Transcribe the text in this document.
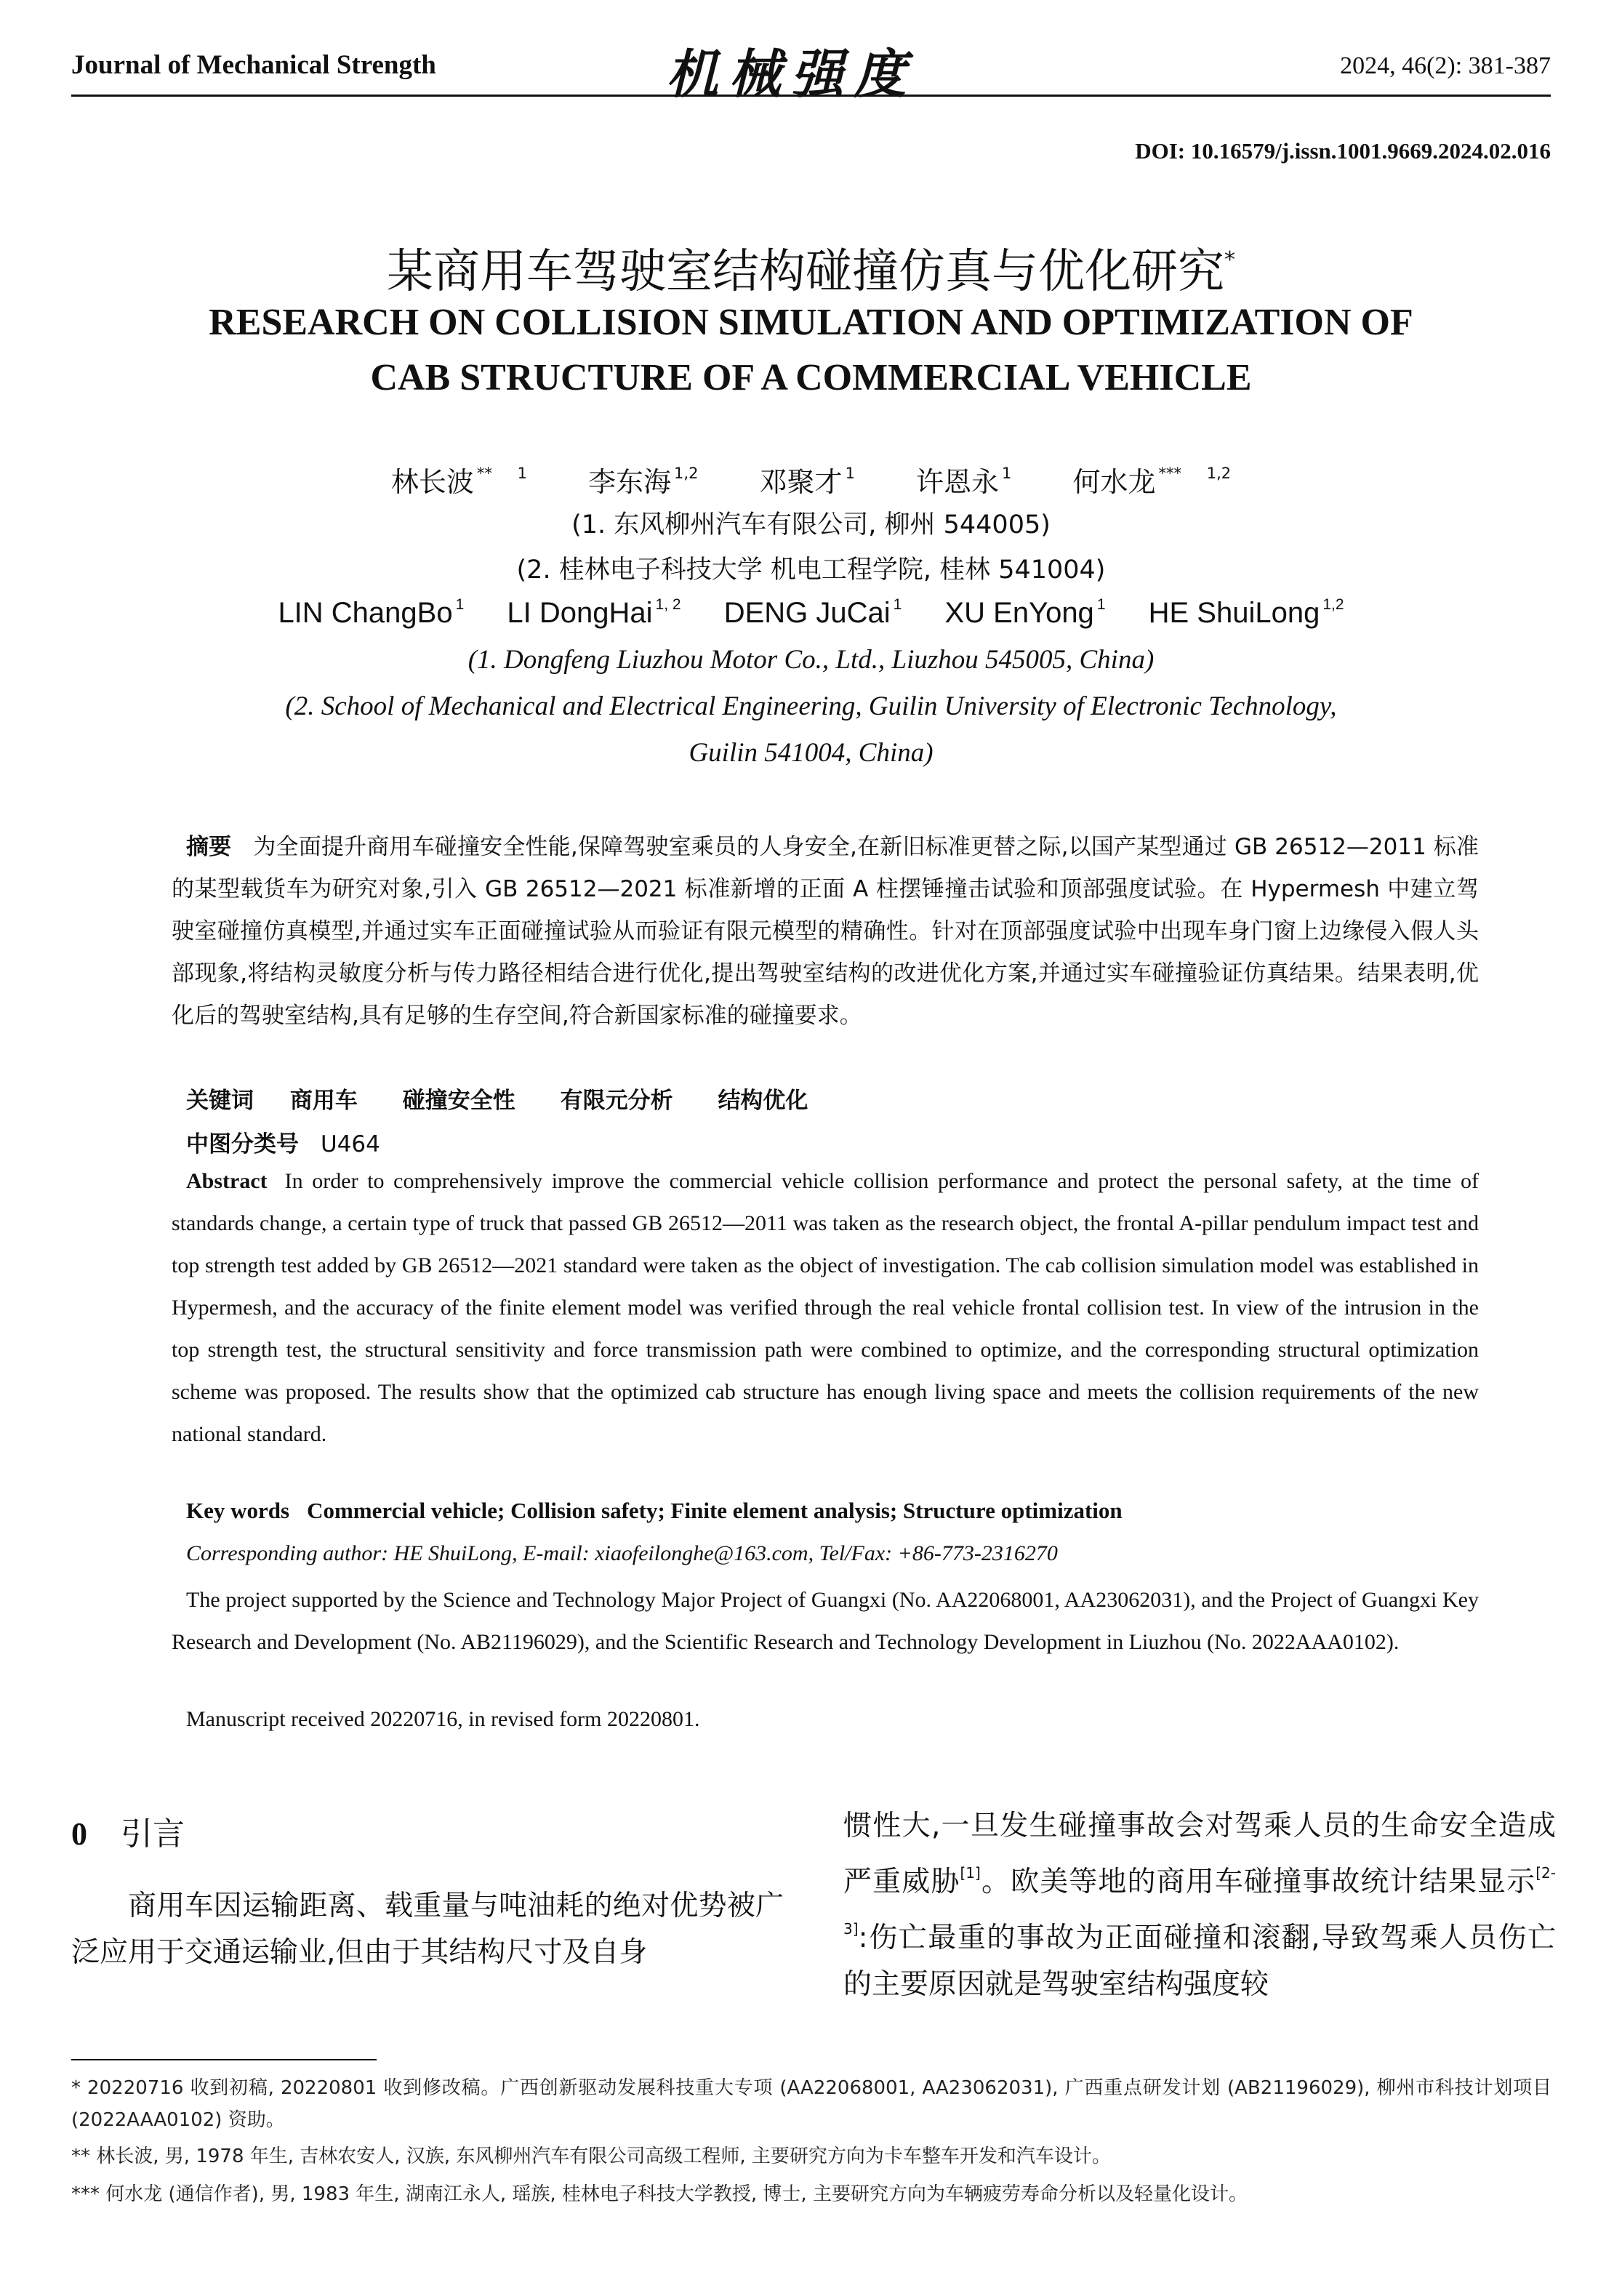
Journal of Mechanical Strength	机械强度	2024, 46(2): 381-387
DOI: 10.16579/j.issn.1001.9669.2024.02.016
某商用车驾驶室结构碰撞仿真与优化研究*
RESEARCH ON COLLISION SIMULATION AND OPTIMIZATION OF
CAB STRUCTURE OF A COMMERCIAL VEHICLE
林长波 $^{** 1}$ 李东海 $^{1,2}$ 邓聚才 $^1$ 许恩永 $^1$ 何水龙 $^{*** 1,2}$
(1. 东风柳州汽车有限公司, 柳州 544005)
(2. 桂林电子科技大学 机电工程学院, 桂林 541004)
LIN ChangBo $^1$ LI DongHai $^{1, 2}$ DENG JuCai $^1$ XU EnYong $^1$ HE ShuiLong $^{1,2}$
(1. Dongfeng Liuzhou Motor Co., Ltd., Liuzhou 545005, China)
(2. School of Mechanical and Electrical Engineering, Guilin University of Electronic Technology,
Guilin 541004, China)
摘要 为全面提升商用车碰撞安全性能,保障驾驶室乘员的人身安全,在新旧标准更替之际,以国产某型通过 GB 26512—2011 标准的某型载货车为研究对象,引入 GB 26512—2021 标准新增的正面 A 柱摆锤撞击试验和顶部强度试验。在 Hypermesh 中建立驾驶室碰撞仿真模型,并通过实车正面碰撞试验从而验证有限元模型的精确性。针对在顶部强度试验中出现车身门窗上边缘侵入假人头部现象,将结构灵敏度分析与传力路径相结合进行优化,提出驾驶室结构的改进优化方案,并通过实车碰撞验证仿真结果。结果表明,优化后的驾驶室结构,具有足够的生存空间,符合新国家标准的碰撞要求。
关键词 商用车 碰撞安全性 有限元分析 结构优化
中图分类号 U464
Abstract In order to comprehensively improve the commercial vehicle collision performance and protect the personal safety, at the time of standards change, a certain type of truck that passed GB 26512—2011 was taken as the research object, the frontal A-pillar pendulum impact test and top strength test added by GB 26512—2021 standard were taken as the object of investigation. The cab collision simulation model was established in Hypermesh, and the accuracy of the finite element model was verified through the real vehicle frontal collision test. In view of the intrusion in the top strength test, the structural sensitivity and force transmission path were combined to optimize, and the corresponding structural optimization scheme was proposed. The results show that the optimized cab structure has enough living space and meets the collision requirements of the new national standard.
Key words Commercial vehicle; Collision safety; Finite element analysis; Structure optimization
Corresponding author: HE ShuiLong, E-mail: xiaofeilonghe@163.com, Tel/Fax: +86-773-2316270
The project supported by the Science and Technology Major Project of Guangxi (No. AA22068001, AA23062031), and the Project of Guangxi Key Research and Development (No. AB21196029), and the Scientific Research and Technology Development in Liuzhou (No. 2022AAA0102).
Manuscript received 20220716, in revised form 20220801.
0 引言
商用车因运输距离、载重量与吨油耗的绝对优势被广泛应用于交通运输业,但由于其结构尺寸及自身
惯性大,一旦发生碰撞事故会对驾乘人员的生命安全造成严重威胁[1]。欧美等地的商用车碰撞事故统计结果显示[2-3]:伤亡最重的事故为正面碰撞和滚翻,导致驾乘人员伤亡的主要原因就是驾驶室结构强度较
* 20220716 收到初稿, 20220801 收到修改稿。广西创新驱动发展科技重大专项 (AA22068001, AA23062031), 广西重点研发计划 (AB21196029), 柳州市科技计划项目 (2022AAA0102) 资助。
** 林长波, 男, 1978 年生, 吉林农安人, 汉族, 东风柳州汽车有限公司高级工程师, 主要研究方向为卡车整车开发和汽车设计。
*** 何水龙 (通信作者), 男, 1983 年生, 湖南江永人, 瑶族, 桂林电子科技大学教授, 博士, 主要研究方向为车辆疲劳寿命分析以及轻量化设计。
